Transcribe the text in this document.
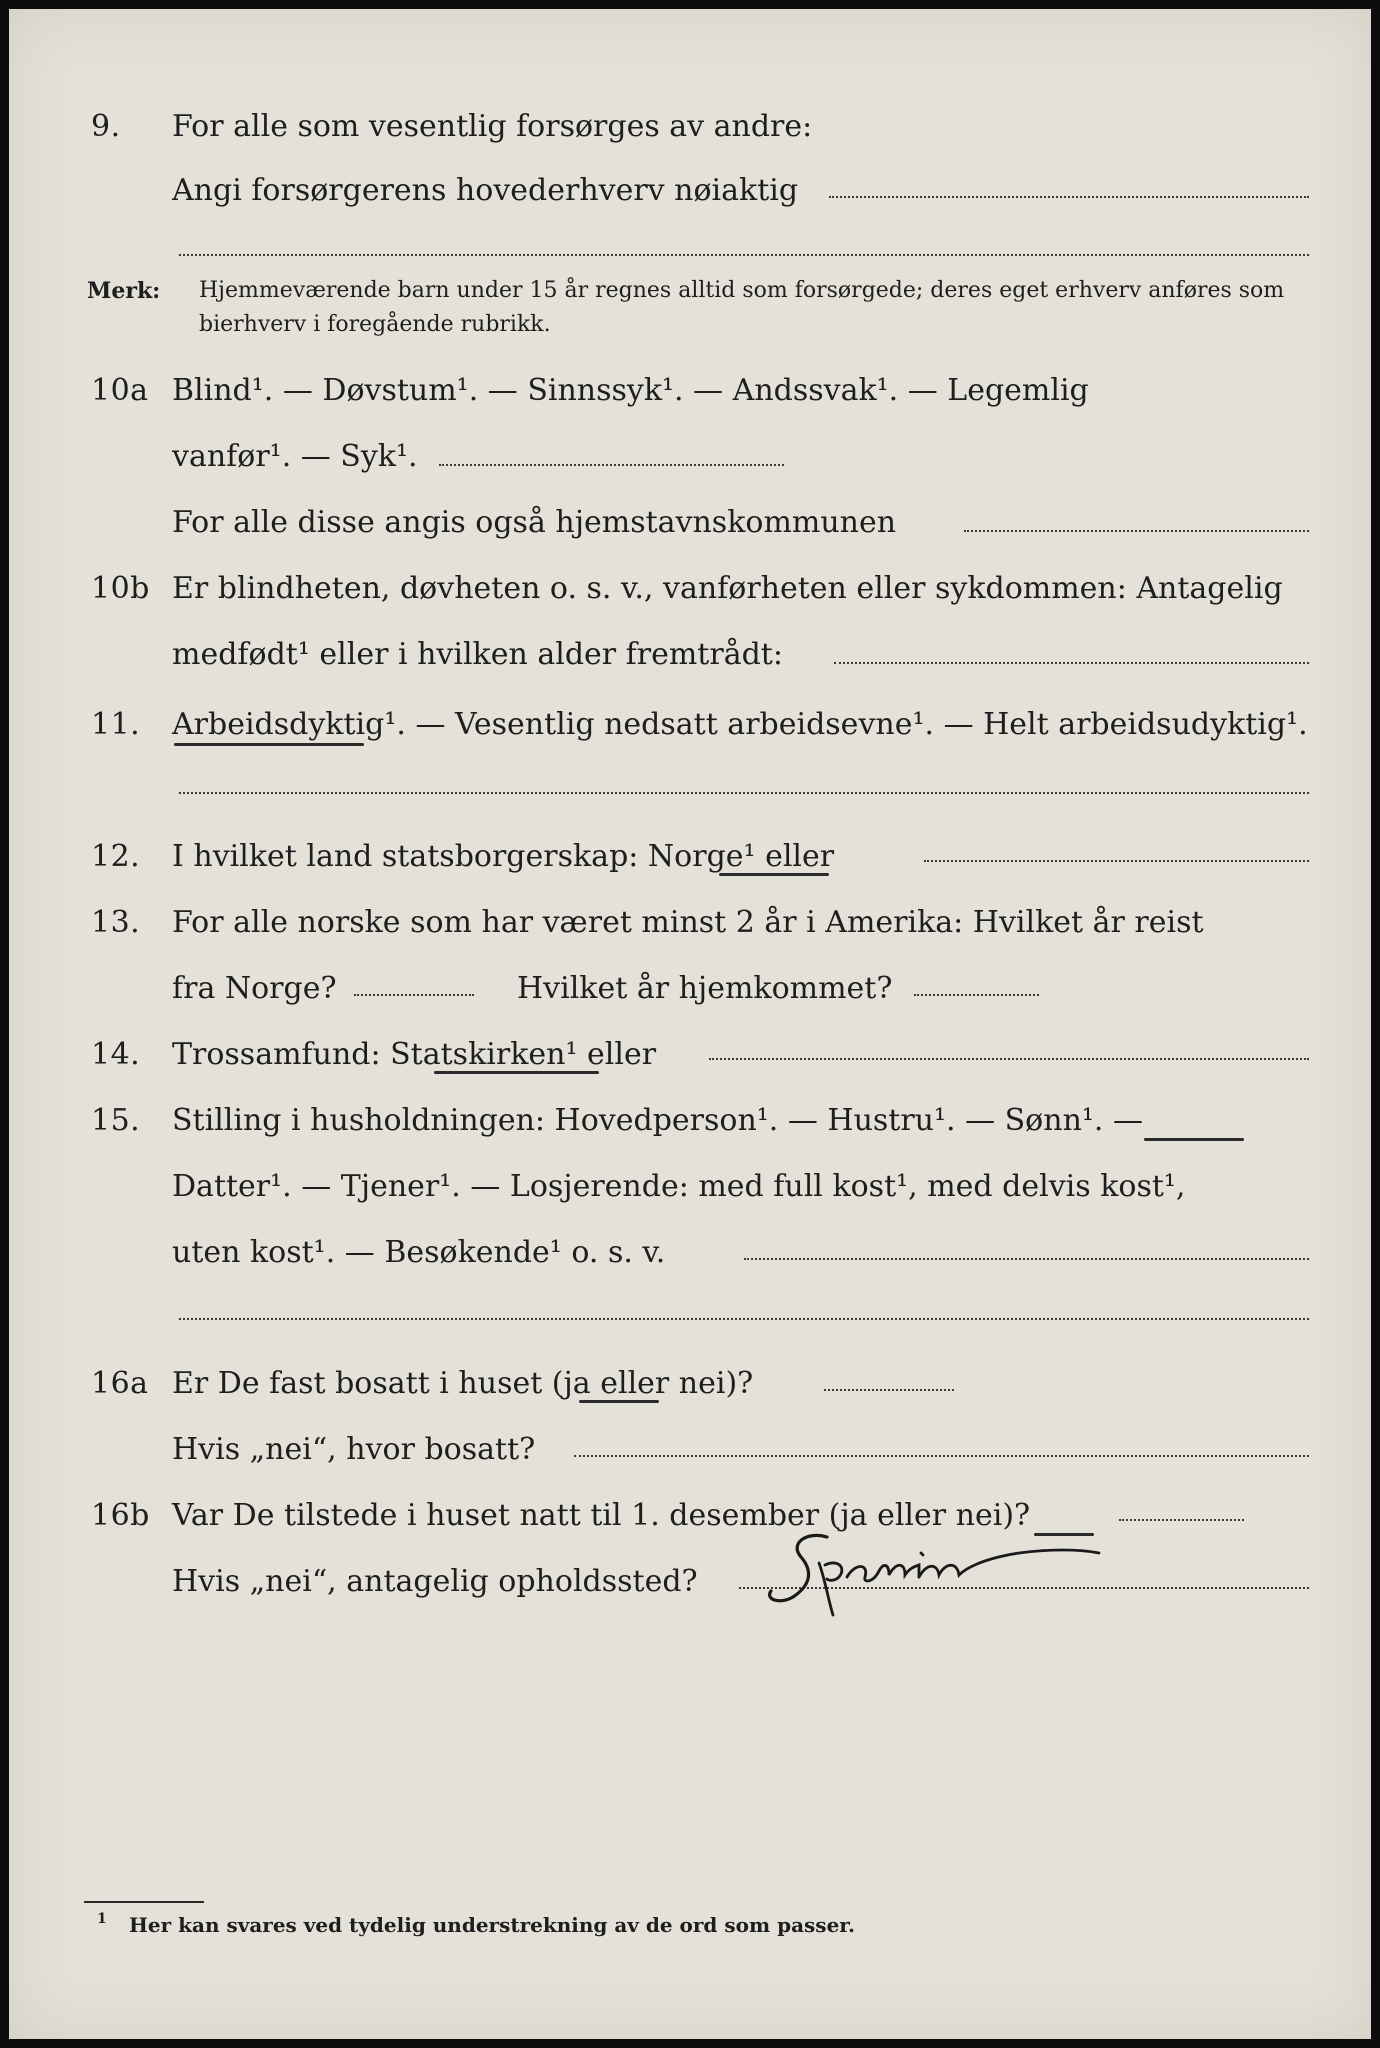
9. For alle som vesentlig forsørges av andre:
Angi forsørgerens hovederhverv nøiaktig
Merk: Hjemmeværende barn under 15 år regnes alltid som forsørgede; deres eget erhverv anføres som bierhverv i foregående rubrikk.
10a Blind¹. — Døvstum¹. — Sinnssyk¹. — Andssvak¹. — Legemlig
vanfør¹. — Syk¹.
For alle disse angis også hjemstavnskommunen
10b Er blindheten, døvheten o. s. v., vanførheten eller sykdommen: Antagelig
medfødt¹ eller i hvilken alder fremtrådt:
11. Arbeidsdyktig¹. — Vesentlig nedsatt arbeidsevne¹. — Helt arbeidsudyktig¹.
12. I hvilket land statsborgerskap: Norge¹ eller
13. For alle norske som har været minst 2 år i Amerika: Hvilket år reist
fra Norge?	Hvilket år hjemkommet?
14. Trossamfund: Statskirken¹ eller
15. Stilling i husholdningen: Hovedperson¹. — Hustru¹. — Sønn¹. —
Datter¹. — Tjener¹. — Losjerende: med full kost¹, med delvis kost¹,
uten kost¹. — Besøkende¹ o. s. v.
16a Er De fast bosatt i huset (ja eller nei)?
Hvis „nei“, hvor bosatt?
16b Var De tilstede i huset natt til 1. desember (ja eller nei)?
Hvis „nei“, antagelig opholdssted?
1 Her kan svares ved tydelig understrekning av de ord som passer.
